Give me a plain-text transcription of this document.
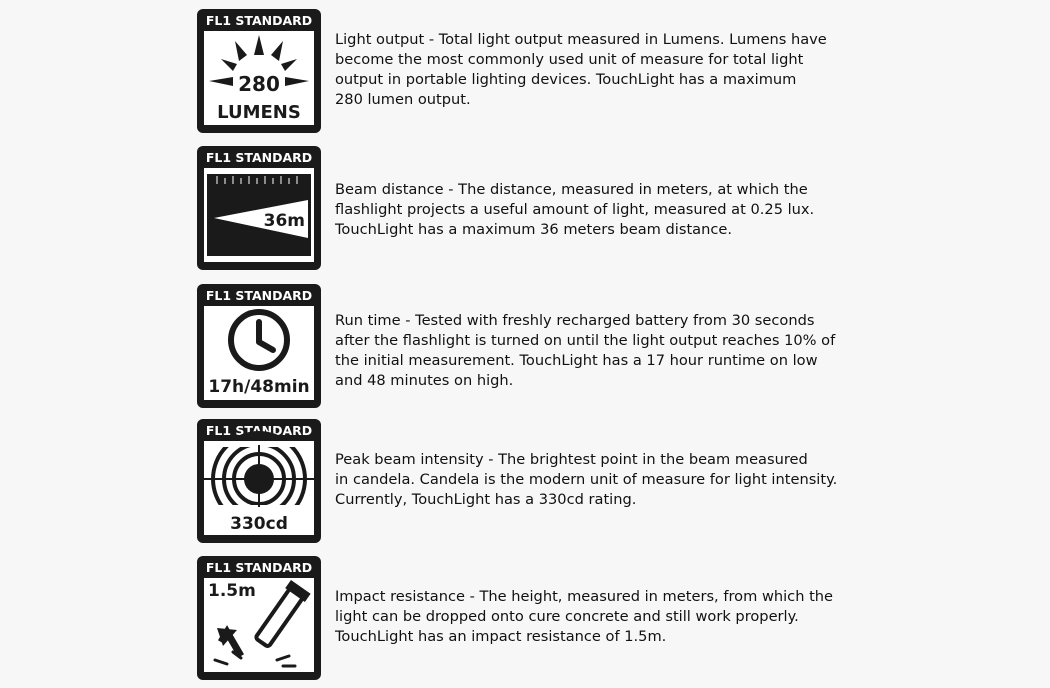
FL1 STANDARD
280
LUMENS
Light output - Total light output measured in Lumens. Lumens have
become the most commonly used unit of measure for total light
output in portable lighting devices. TouchLight has a maximum
280 lumen output.
FL1 STANDARD
36m
Beam distance - The distance, measured in meters, at which the
flashlight projects a useful amount of light, measured at 0.25 lux.
TouchLight has a maximum 36 meters beam distance.
FL1 STANDARD
17h/48min
Run time - Tested with freshly recharged battery from 30 seconds
after the flashlight is turned on until the light output reaches 10% of
the initial measurement. TouchLight has a 17 hour runtime on low
and 48 minutes on high.
FL1 STANDARD
330cd
Peak beam intensity - The brightest point in the beam measured
in candela. Candela is the modern unit of measure for light intensity.
Currently, TouchLight has a 330cd rating.
FL1 STANDARD
1.5m	Impact resistance - The height, measured in meters, from which the
light can be dropped onto cure concrete and still work properly.
TouchLight has an impact resistance of 1.5m.
